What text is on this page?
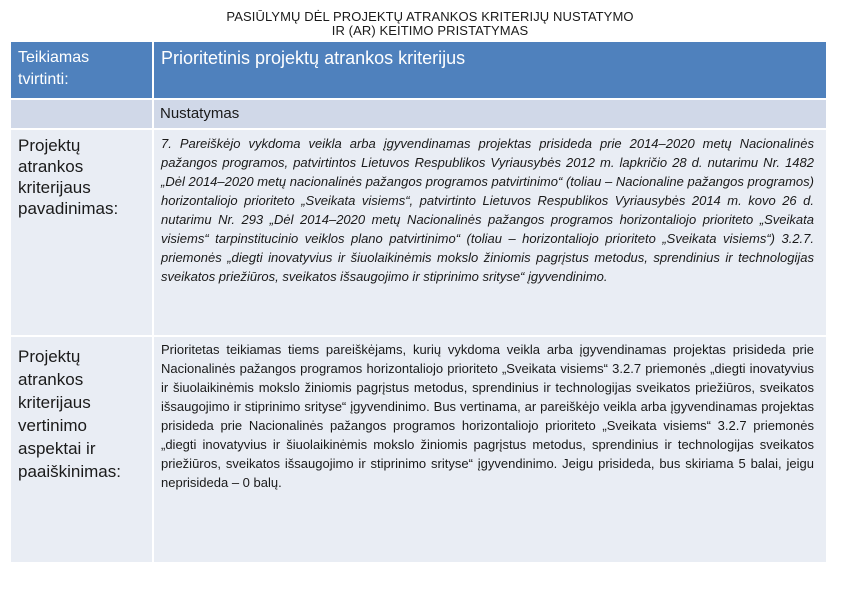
PASIŪLYMŲ DĖL PROJEKTŲ ATRANKOS KRITERIJŲ NUSTATYMO
IR (AR) KEITIMO PRISTATYMAS
Teikiamas
tvirtinti:
Prioritetinis projektų atrankos kriterijus
Nustatymas
Projektų
atrankos
kriterijaus
pavadinimas:
7. Pareiškėjo vykdoma veikla arba įgyvendinamas projektas prisideda prie 2014–2020 metų Nacionalinės pažangos programos, patvirtintos Lietuvos Respublikos Vyriausybės 2012 m. lapkričio 28 d. nutarimu Nr. 1482 „Dėl 2014–2020 metų nacionalinės pažangos programos patvirtinimo“ (toliau – Nacionaline pažangos programos) horizontaliojo prioriteto „Sveikata visiems“, patvirtinto Lietuvos Respublikos Vyriausybės 2014 m. kovo 26 d. nutarimu Nr. 293 „Dėl 2014–2020 metų Nacionalinės pažangos programos horizontaliojo prioriteto „Sveikata visiems“ tarpinstitucinio veiklos plano patvirtinimo“ (toliau – horizontaliojo prioriteto „Sveikata visiems“) 3.2.7. priemonės „diegti inovatyvius ir šiuolaikinėmis mokslo žiniomis pagrįstus metodus, sprendinius ir technologijas sveikatos priežiūros, sveikatos išsaugojimo ir stiprinimo srityse“ įgyvendinimo.
Projektų
atrankos
kriterijaus
vertinimo
aspektai ir
paaiškinimas:
Prioritetas teikiamas tiems pareiškėjams, kurių vykdoma veikla arba įgyvendinamas projektas prisideda prie Nacionalinės pažangos programos horizontaliojo prioriteto „Sveikata visiems“ 3.2.7 priemonės „diegti inovatyvius ir šiuolaikinėmis mokslo žiniomis pagrįstus metodus, sprendinius ir technologijas sveikatos priežiūros, sveikatos išsaugojimo ir stiprinimo srityse“ įgyvendinimo. Bus vertinama, ar pareiškėjo veikla arba įgyvendinamas projektas prisideda prie Nacionalinės pažangos programos horizontaliojo prioriteto „Sveikata visiems“ 3.2.7 priemonės „diegti inovatyvius ir šiuolaikinėmis mokslo žiniomis pagrįstus metodus, sprendinius ir technologijas sveikatos priežiūros, sveikatos išsaugojimo ir stiprinimo srityse“ įgyvendinimo. Jeigu prisideda, bus skiriama 5 balai, jeigu neprisideda – 0 balų.
